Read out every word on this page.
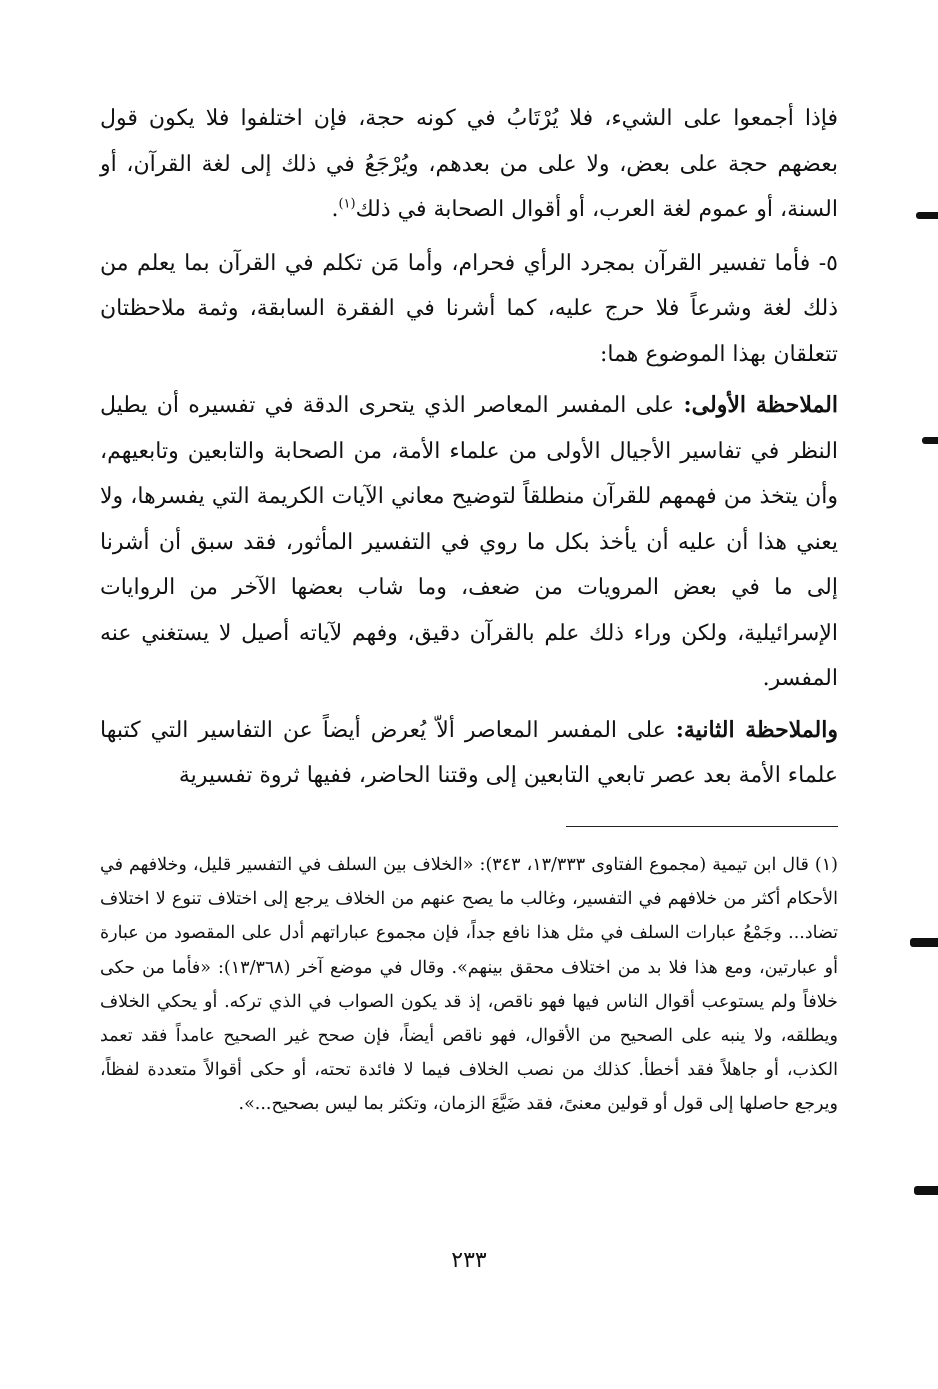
فإذا أجمعوا على الشيء، فلا يُرْتَابُ في كونه حجة، فإن اختلفوا فلا يكون قول بعضهم حجة على بعض، ولا على من بعدهم، ويُرْجَعُ في ذلك إلى لغة القرآن، أو السنة، أو عموم لغة العرب، أو أقوال الصحابة في ذلك$^{(١)}$.

٥- فأما تفسير القرآن بمجرد الرأي فحرام، وأما مَن تكلم في القرآن بما يعلم من ذلك لغة وشرعاً فلا حرج عليه، كما أشرنا في الفقرة السابقة، وثمة ملاحظتان تتعلقان بهذا الموضوع هما:

الملاحظة الأولى: على المفسر المعاصر الذي يتحرى الدقة في تفسيره أن يطيل النظر في تفاسير الأجيال الأولى من علماء الأمة، من الصحابة والتابعين وتابعيهم، وأن يتخذ من فهمهم للقرآن منطلقاً لتوضيح معاني الآيات الكريمة التي يفسرها، ولا يعني هذا أن عليه أن يأخذ بكل ما روي في التفسير المأثور، فقد سبق أن أشرنا إلى ما في بعض المرويات من ضعف، وما شاب بعضها الآخر من الروايات الإسرائيلية، ولكن وراء ذلك علم بالقرآن دقيق، وفهم لآياته أصيل لا يستغني عنه المفسر.

والملاحظة الثانية: على المفسر المعاصر ألاّ يُعرض أيضاً عن التفاسير التي كتبها علماء الأمة بعد عصر تابعي التابعين إلى وقتنا الحاضر، ففيها ثروة تفسيرية

(١) قال ابن تيمية (مجموع الفتاوى ١٣/٣٣٣، ٣٤٣): «الخلاف بين السلف في التفسير قليل، وخلافهم في الأحكام أكثر من خلافهم في التفسير، وغالب ما يصح عنهم من الخلاف يرجع إلى اختلاف تنوع لا اختلاف تضاد... وجَمْعُ عبارات السلف في مثل هذا نافع جداً، فإن مجموع عباراتهم أدل على المقصود من عبارة أو عبارتين، ومع هذا فلا بد من اختلاف محقق بينهم». وقال في موضع آخر (١٣/٣٦٨): «فأما من حكى خلافاً ولم يستوعب أقوال الناس فيها فهو ناقص، إذ قد يكون الصواب في الذي تركه. أو يحكي الخلاف ويطلقه، ولا ينبه على الصحيح من الأقوال، فهو ناقص أيضاً، فإن صحح غير الصحيح عامداً فقد تعمد الكذب، أو جاهلاً فقد أخطأ. كذلك من نصب الخلاف فيما لا فائدة تحته، أو حكى أقوالاً متعددة لفظاً، ويرجع حاصلها إلى قول أو قولين معنىً، فقد ضَيَّعَ الزمان، وتكثر بما ليس بصحيح...».

٢٣٣
